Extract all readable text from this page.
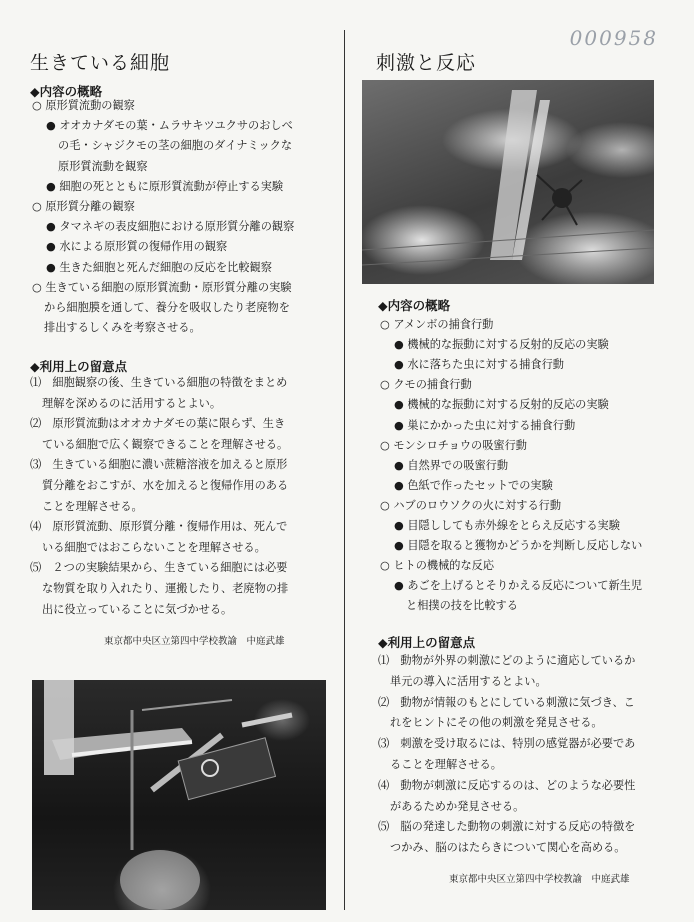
000958
生きている細胞
◆内容の概略
○ 原形質流動の観察
● オオカナダモの葉・ムラサキツユクサのおしべ
の毛・シャジクモの茎の細胞のダイナミックな
原形質流動を観察
● 細胞の死とともに原形質流動が停止する実験
○ 原形質分離の観察
● タマネギの表皮細胞における原形質分離の観察
● 水による原形質の復帰作用の観察
● 生きた細胞と死んだ細胞の反応を比較観察
○ 生きている細胞の原形質流動・原形質分離の実験
から細胞膜を通して、養分を吸収したり老廃物を
排出するしくみを考察させる。
◆利用上の留意点
⑴　細胞観察の後、生きている細胞の特徴をまとめ
理解を深めるのに活用するとよい。
⑵　原形質流動はオオカナダモの葉に限らず、生き
ている細胞で広く観察できることを理解させる。
⑶　生きている細胞に濃い蔗糖溶液を加えると原形
質分離をおこすが、水を加えると復帰作用のある
ことを理解させる。
⑷　原形質流動、原形質分離・復帰作用は、死んで
いる細胞ではおこらないことを理解させる。
⑸　２つの実験結果から、生きている細胞には必要
な物質を取り入れたり、運搬したり、老廃物の排
出に役立っていることに気づかせる。
東京都中央区立第四中学校教諭　中庭武雄
刺激と反応
◆内容の概略
○ アメンボの捕食行動
● 機械的な振動に対する反射的反応の実験
● 水に落ちた虫に対する捕食行動
○ クモの捕食行動
● 機械的な振動に対する反射的反応の実験
● 巣にかかった虫に対する捕食行動
○ モンシロチョウの吸蜜行動
● 自然界での吸蜜行動
● 色紙で作ったセットでの実験
○ ハブのロウソクの火に対する行動
● 目隠ししても赤外線をとらえ反応する実験
● 目隠を取ると獲物かどうかを判断し反応しない
○ ヒトの機械的な反応
● あごを上げるとそりかえる反応について新生児
と相撲の技を比較する
◆利用上の留意点
⑴　動物が外界の刺激にどのように適応しているか
単元の導入に活用するとよい。
⑵　動物が情報のもとにしている刺激に気づき、こ
れをヒントにその他の刺激を発見させる。
⑶　刺激を受け取るには、特別の感覚器が必要であ
ることを理解させる。
⑷　動物が刺激に反応するのは、どのような必要性
があるためか発見させる。
⑸　脳の発達した動物の刺激に対する反応の特徴を
つかみ、脳のはたらきについて関心を高める。
東京都中央区立第四中学校教諭　中庭武雄
